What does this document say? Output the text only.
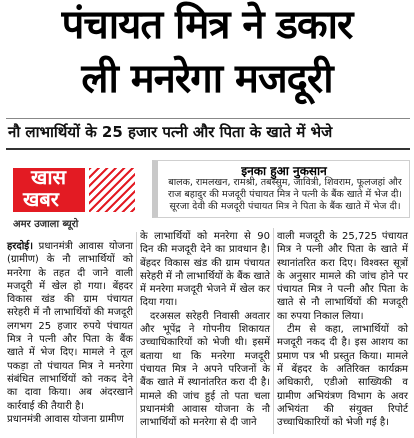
पंचायत मित्र ने डकार
ली मनरेगा मजदूरी
नौ लाभार्थियों के 25 हजार पत्नी और पिता के खाते में भेजे
खास
खबर
अमर उजाला ब्यूरो
इनका हुआ नुकसान
बालक, रामलखन, रामश्री, तबस्सुम, जावित्री, शिवराम, फूलजहां और
राज बहादुर की मजदूरी पंचायत मित्र ने पत्नी के बैंक खाते में भेज दी।
सूरजा देवी की मजदूरी पंचायत मित्र ने पिता के बैंक खाते में भेज दी।

हरदोई। प्रधानमंत्री आवास योजना (ग्रामीण) के नौ लाभार्थियों को मनरेगा के तहत दी जाने वाली मजदूरी में खेल हो गया। बेंहदर विकास खंड की ग्राम पंचायत सरेहरी में नौ लाभार्थियों की मजदूरी लगभग 25 हजार रुपये पंचायत मित्र ने पत्नी और पिता के बैंक खाते में भेज दिए। मामले ने तूल पकड़ा तो पंचायत मित्र ने मनरेगा संबंधित लाभार्थियों को नकद देने का दावा किया। अब अंदरखाने कार्रवाई की तैयारी है।

प्रधानमंत्री आवास योजना ग्रामीण

के लाभार्थियों को मनरेगा से 90 दिन की मजदूरी देने का प्रावधान है। बेंहदर विकास खंड की ग्राम पंचायत सरेहरी में नौ लाभार्थियों के बैंक खाते में मनरेगा मजदूरी भेजने में खेल कर दिया गया।

दरअसल सरेहरी निवासी अवतार और भूपेंद्र ने गोपनीय शिकायत उच्चाधिकारियों को भेजी थी। इसमें बताया था कि मनरेगा मजदूरी पंचायत मित्र ने अपने परिजनों के बैंक खाते में स्थानांतरित करा दी है। मामले की जांच हुई तो पता चला प्रधानमंत्री आवास योजना के नौ लाभार्थियों को मनरेगा से दी जाने

वाली मजदूरी के 25,725 पंचायत मित्र ने पत्नी और पिता के खाते में स्थानांतरित करा दिए। विश्वस्त सूत्रों के अनुसार मामले की जांच होने पर पंचायत मित्र ने पत्नी और पिता के खाते से नौ लाभार्थियों की मजदूरी का रुपया निकाल लिया।

टीम से कहा, लाभार्थियों को मजदूरी नकद दी है। इस आशय का प्रमाण पत्र भी प्रस्तुत किया। मामले में बेंहदर के अतिरिक्त कार्यक्रम अधिकारी, एडीओ साख्यिकी व ग्रामीण अभियंत्रण विभाग के अवर अभियंता की संयुक्त रिपोर्ट उच्चाधिकारियों को भेजी गई है।
